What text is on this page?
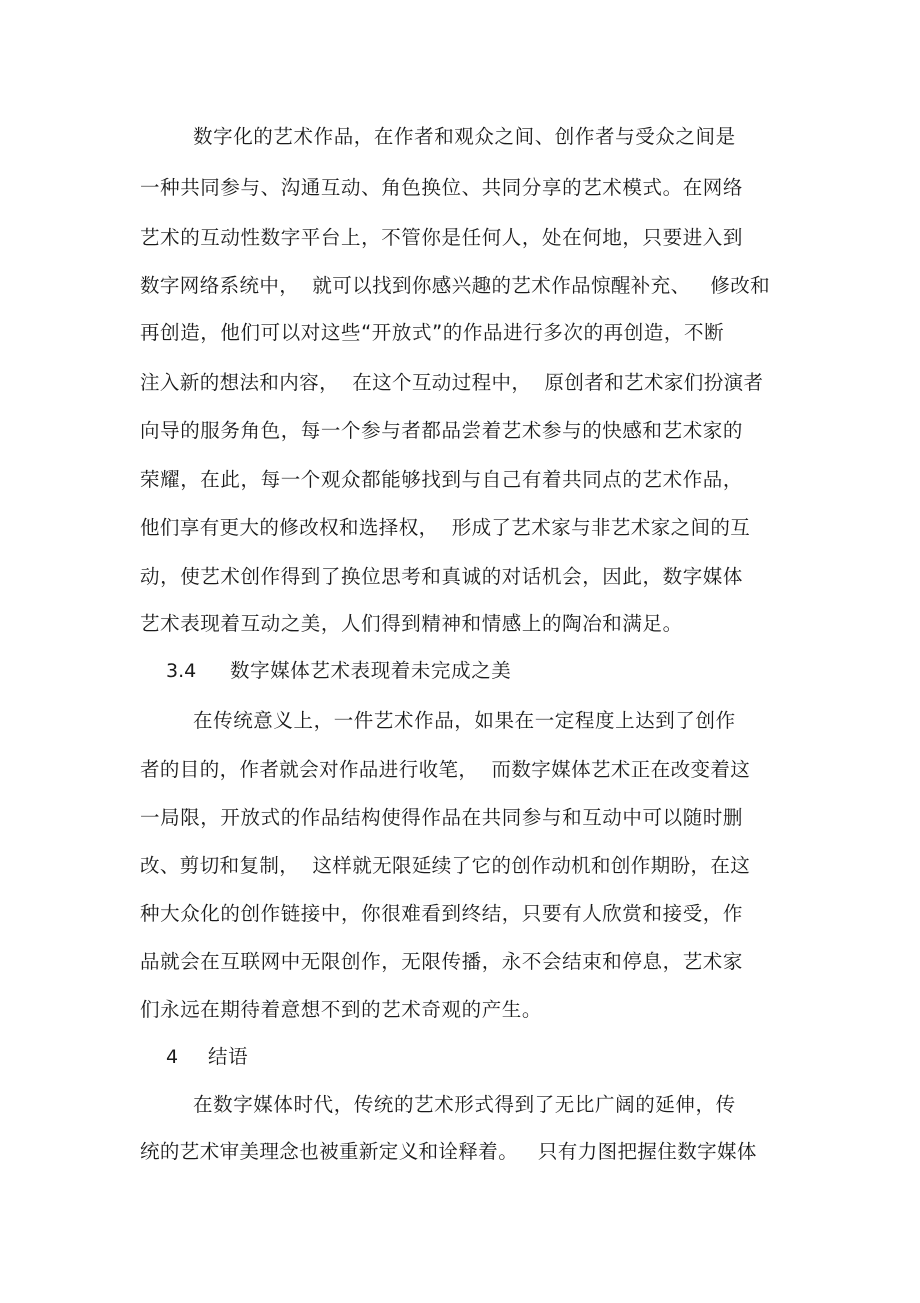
数字化的艺术作品，在作者和观众之间、创作者与受众之间是
一种共同参与、沟通互动、角色换位、共同分享的艺术模式。在网络
艺术的互动性数字平台上，不管你是任何人，处在何地，只要进入到
数字网络系统中，  就可以找到你感兴趣的艺术作品惊醒补充、   修改和
再创造，他们可以对这些“开放式”的作品进行多次的再创造，不断
注入新的想法和内容，  在这个互动过程中，  原创者和艺术家们扮演者
向导的服务角色，每一个参与者都品尝着艺术参与的快感和艺术家的
荣耀，在此，每一个观众都能够找到与自己有着共同点的艺术作品，
他们享有更大的修改权和选择权，  形成了艺术家与非艺术家之间的互
动，使艺术创作得到了换位思考和真诚的对话机会，因此，数字媒体
艺术表现着互动之美，人们得到精神和情感上的陶冶和满足。
3.4 数字媒体艺术表现着未完成之美
在传统意义上，一件艺术作品，如果在一定程度上达到了创作
者的目的，作者就会对作品进行收笔，  而数字媒体艺术正在改变着这
一局限，开放式的作品结构使得作品在共同参与和互动中可以随时删
改、剪切和复制，  这样就无限延续了它的创作动机和创作期盼，在这
种大众化的创作链接中，你很难看到终结，只要有人欣赏和接受，作
品就会在互联网中无限创作，无限传播，永不会结束和停息，艺术家
们永远在期待着意想不到的艺术奇观的产生。
4 结语
在数字媒体时代，传统的艺术形式得到了无比广阔的延伸，传
统的艺术审美理念也被重新定义和诠释着。   只有力图把握住数字媒体
